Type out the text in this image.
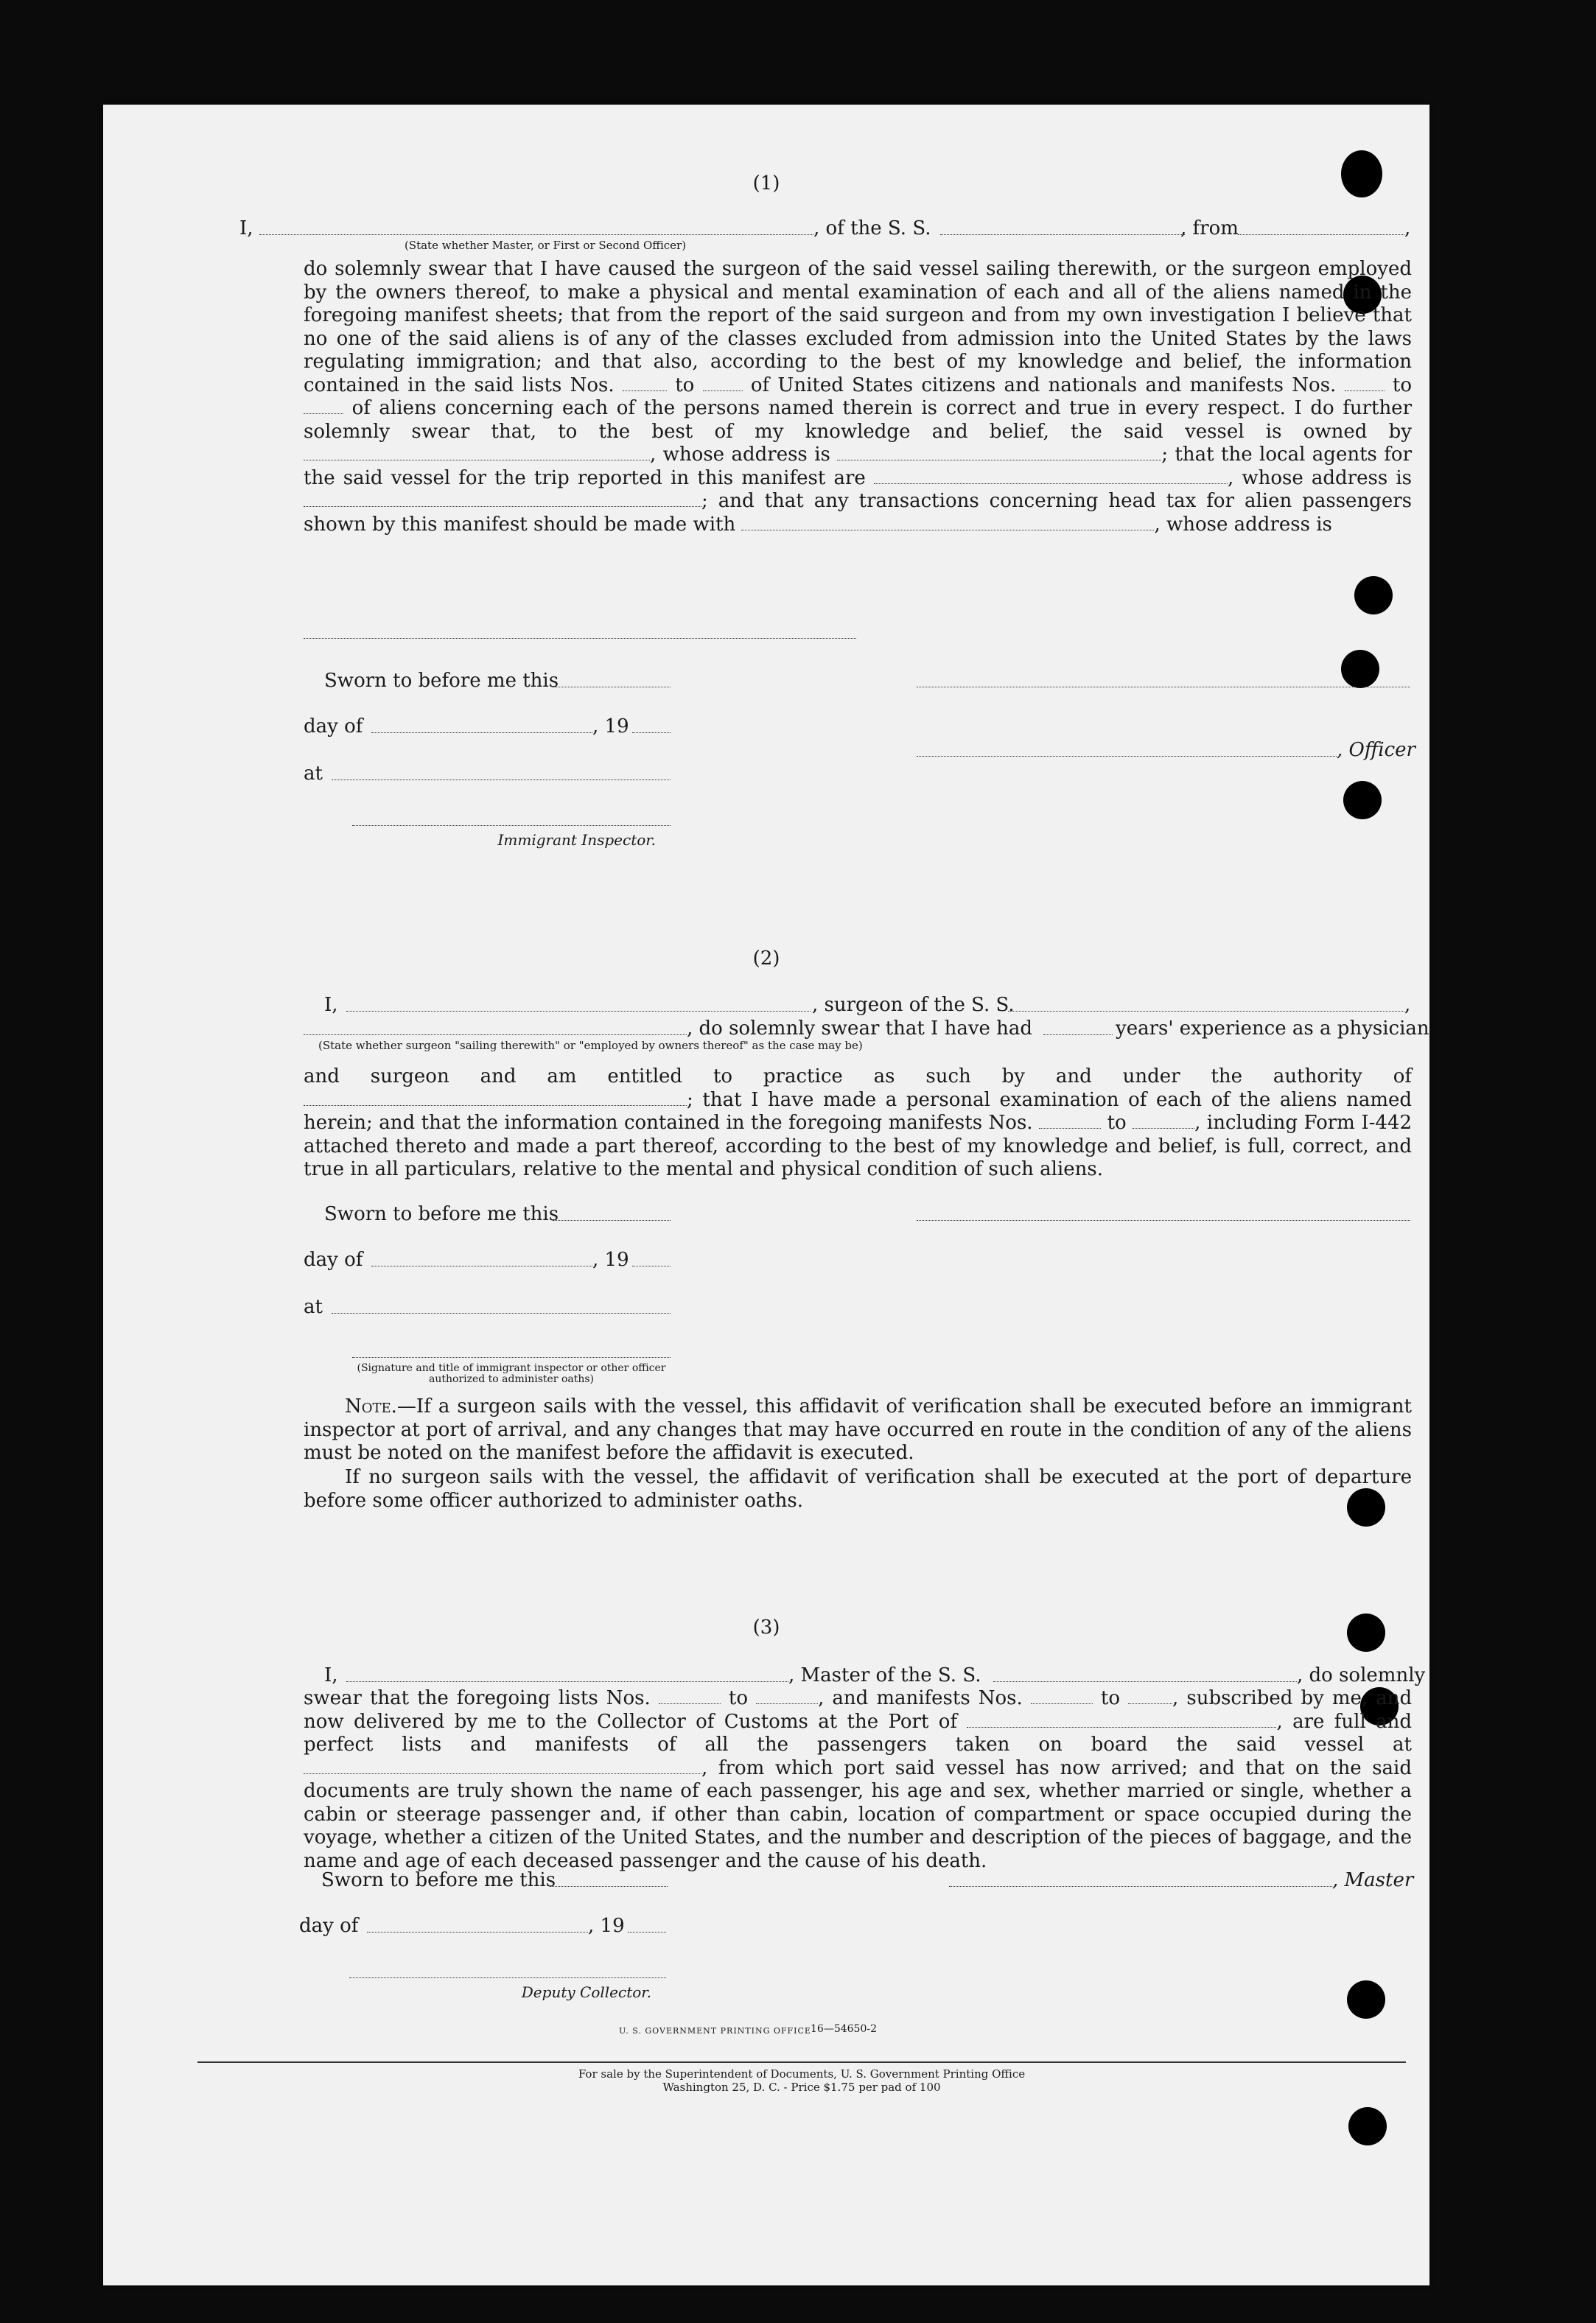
(1)
I,	, of the S. S.	, from	,
(State whether Master, or First or Second Officer)
do solemnly swear that I have caused the surgeon of the said vessel sailing therewith, or the surgeon employed by the owners thereof, to make a physical and mental examination of each and all of the aliens named in the foregoing manifest sheets; that from the report of the said surgeon and from my own investigation I believe that no one of the said aliens is of any of the classes excluded from admission into the United States by the laws regulating immigration; and that also, according to the best of my knowledge and belief, the information contained in the said lists Nos.	to	of United States citizens and nationals and manifests Nos.	to  of aliens concerning each of the persons named therein is correct and true in every respect. I do further solemnly swear that, to the best of my knowledge and belief, the said vessel is owned by , whose address is	; that the local agents for the said vessel for the trip reported in this manifest are	, whose address is ; and that any transactions concerning head tax for alien passengers shown by this manifest should be made with	, whose address is
Sworn to before me this
day of	, 19
, Officer
at
Immigrant Inspector.
(2)
I,	, surgeon of the S. S.	,
, do solemnly swear that I have had	years' experience as a physician
(State whether surgeon "sailing therewith" or "employed by owners thereof" as the case may be)
and surgeon and am entitled to practice as such by and under the authority of ; that I have made a personal examination of each of the aliens named herein; and that the information contained in the foregoing manifests Nos.	to	, including Form I-442 attached thereto and made a part thereof, according to the best of my knowledge and belief, is full, correct, and true in all particulars, relative to the mental and physical condition of such aliens.
Sworn to before me this
day of	, 19
at
(Signature and title of immigrant inspector or other officer authorized to administer oaths)
Note.—If a surgeon sails with the vessel, this affidavit of verification shall be executed before an immigrant inspector at port of arrival, and any changes that may have occurred en route in the condition of any of the aliens must be noted on the manifest before the affidavit is executed.
If no surgeon sails with the vessel, the affidavit of verification shall be executed at the port of departure before some officer authorized to administer oaths.
(3)
I,	, Master of the S. S.	, do solemnly
swear that the foregoing lists Nos.	to	, and manifests Nos.	to	, subscribed by me, and now delivered by me to the Collector of Customs at the Port of	, are full and perfect lists and manifests of all the passengers taken on board the said vessel at , from which port said vessel has now arrived; and that on the said documents are truly shown the name of each passenger, his age and sex, whether married or single, whether a cabin or steerage passenger and, if other than cabin, location of compartment or space occupied during the voyage, whether a citizen of the United States, and the number and description of the pieces of baggage, and the name and age of each deceased passenger and the cause of his death.
Sworn to before me this	, Master
day of	, 19
Deputy Collector.
U. S. GOVERNMENT PRINTING OFFICE 16—54650-2
For sale by the Superintendent of Documents, U. S. Government Printing Office
Washington 25, D. C. - Price $1.75 per pad of 100
